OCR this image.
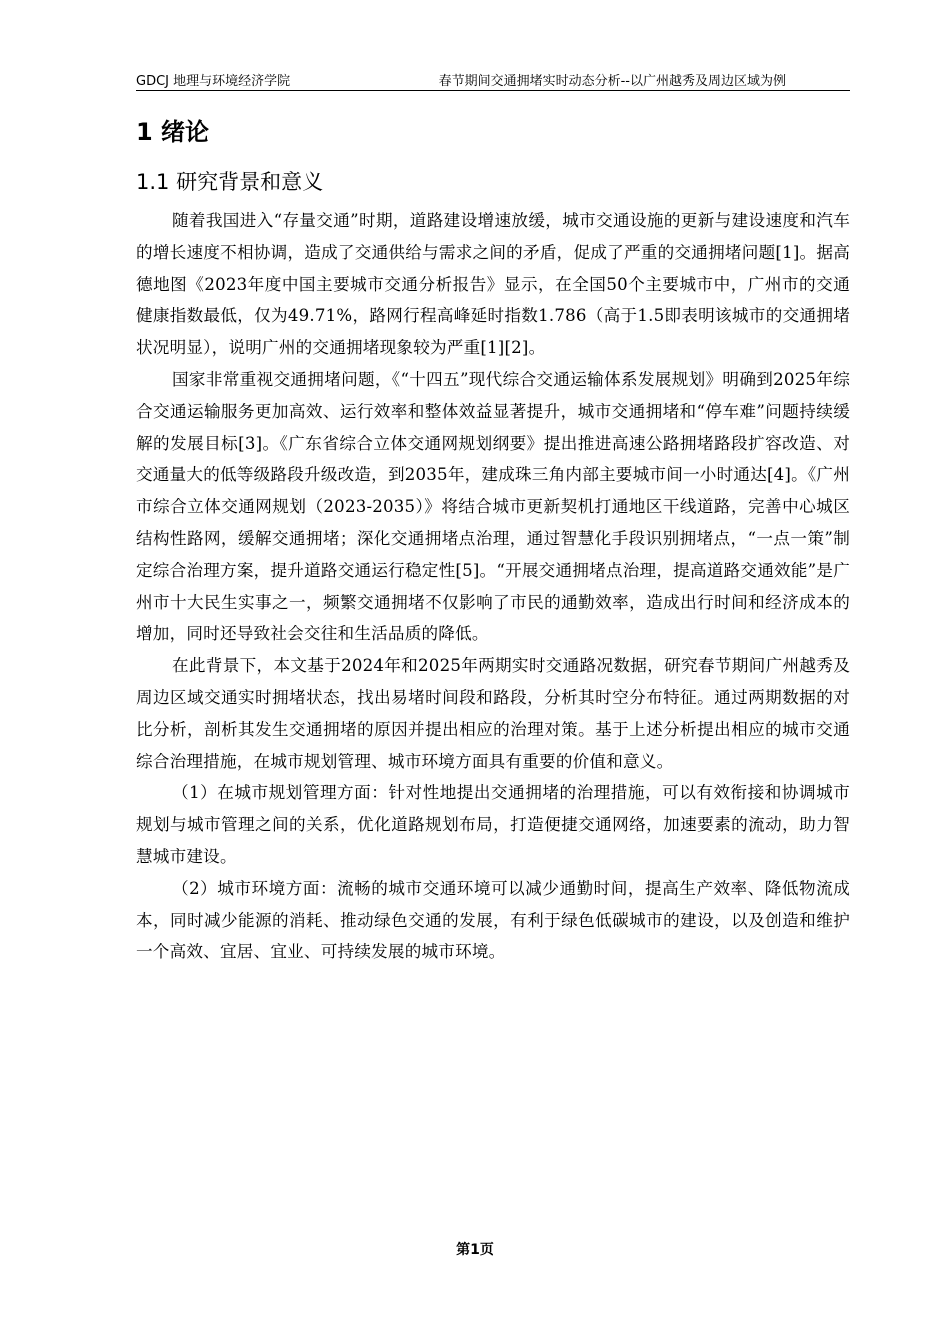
GDCJ 地理与环境经济学院	春节期间交通拥堵实时动态分析--以广州越秀及周边区域为例
1 绪论
1.1 研究背景和意义

随着我国进入“存量交通”时期，道路建设增速放缓，城市交通设施的更新与建设速度和汽车的增长速度不相协调，造成了交通供给与需求之间的矛盾，促成了严重的交通拥堵问题[1]。据高德地图《2023年度中国主要城市交通分析报告》显示，在全国50个主要城市中，广州市的交通健康指数最低，仅为49.71%，路网行程高峰延时指数1.786（高于1.5即表明该城市的交通拥堵状况明显），说明广州的交通拥堵现象较为严重[1][2]。

国家非常重视交通拥堵问题，《“十四五”现代综合交通运输体系发展规划》明确到2025年综合交通运输服务更加高效、运行效率和整体效益显著提升，城市交通拥堵和“停车难”问题持续缓解的发展目标[3]。《广东省综合立体交通网规划纲要》提出推进高速公路拥堵路段扩容改造、对交通量大的低等级路段升级改造，到2035年，建成珠三角内部主要城市间一小时通达[4]。《广州市综合立体交通网规划（2023-2035）》将结合城市更新契机打通地区干线道路，完善中心城区结构性路网，缓解交通拥堵；深化交通拥堵点治理，通过智慧化手段识别拥堵点，“一点一策”制定综合治理方案，提升道路交通运行稳定性[5]。“开展交通拥堵点治理，提高道路交通效能”是广州市十大民生实事之一，频繁交通拥堵不仅影响了市民的通勤效率，造成出行时间和经济成本的增加，同时还导致社会交往和生活品质的降低。

在此背景下，本文基于2024年和2025年两期实时交通路况数据，研究春节期间广州越秀及周边区域交通实时拥堵状态，找出易堵时间段和路段，分析其时空分布特征。通过两期数据的对比分析，剖析其发生交通拥堵的原因并提出相应的治理对策。基于上述分析提出相应的城市交通综合治理措施，在城市规划管理、城市环境方面具有重要的价值和意义。

（1）在城市规划管理方面：针对性地提出交通拥堵的治理措施，可以有效衔接和协调城市规划与城市管理之间的关系，优化道路规划布局，打造便捷交通网络，加速要素的流动，助力智慧城市建设。

（2）城市环境方面：流畅的城市交通环境可以减少通勤时间，提高生产效率、降低物流成本，同时减少能源的消耗、推动绿色交通的发展，有利于绿色低碳城市的建设，以及创造和维护一个高效、宜居、宜业、可持续发展的城市环境。

第1页
